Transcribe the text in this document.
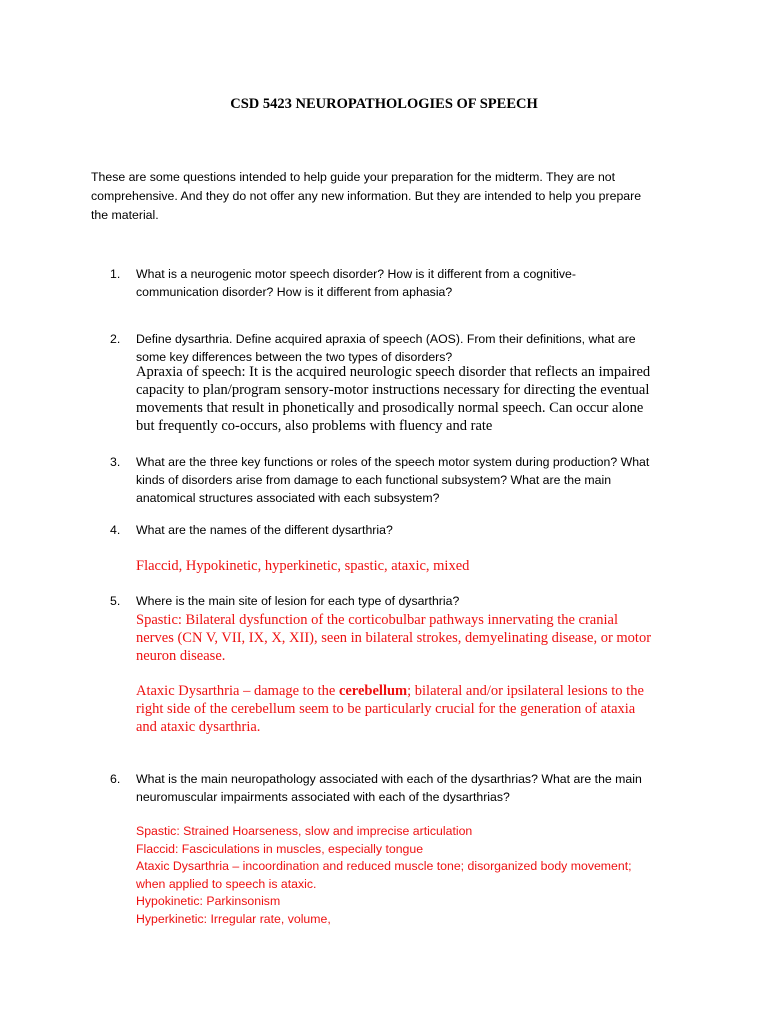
CSD 5423 NEUROPATHOLOGIES OF SPEECH
These are some questions intended to help guide your preparation for the midterm. They are not
comprehensive. And they do not offer any new information. But they are intended to help you prepare
the material.
1.	What is a neurogenic motor speech disorder? How is it different from a cognitive-
communication disorder? How is it different from aphasia?
2.	Define dysarthria. Define acquired apraxia of speech (AOS). From their definitions, what are
some key differences between the two types of disorders?
Apraxia of speech: It is the acquired neurologic speech disorder that reflects an impaired
capacity to plan/program sensory-motor instructions necessary for directing the eventual
movements that result in phonetically and prosodically normal speech. Can occur alone
but frequently co-occurs, also problems with fluency and rate
3.	What are the three key functions or roles of the speech motor system during production? What
kinds of disorders arise from damage to each functional subsystem? What are the main
anatomical structures associated with each subsystem?
4.	What are the names of the different dysarthria?
Flaccid, Hypokinetic, hyperkinetic, spastic, ataxic, mixed
5.	Where is the main site of lesion for each type of dysarthria?
Spastic: Bilateral dysfunction of the corticobulbar pathways innervating the cranial
nerves (CN V, VII, IX, X, XII), seen in bilateral strokes, demyelinating disease, or motor
neuron disease.
Ataxic Dysarthria – damage to the cerebellum; bilateral and/or ipsilateral lesions to the
right side of the cerebellum seem to be particularly crucial for the generation of ataxia
and ataxic dysarthria.
6.	What is the main neuropathology associated with each of the dysarthrias? What are the main
neuromuscular impairments associated with each of the dysarthrias?
Spastic: Strained Hoarseness, slow and imprecise articulation
Flaccid: Fasciculations in muscles, especially tongue
Ataxic Dysarthria – incoordination and reduced muscle tone; disorganized body movement;
when applied to speech is ataxic.
Hypokinetic: Parkinsonism
Hyperkinetic: Irregular rate, volume,
